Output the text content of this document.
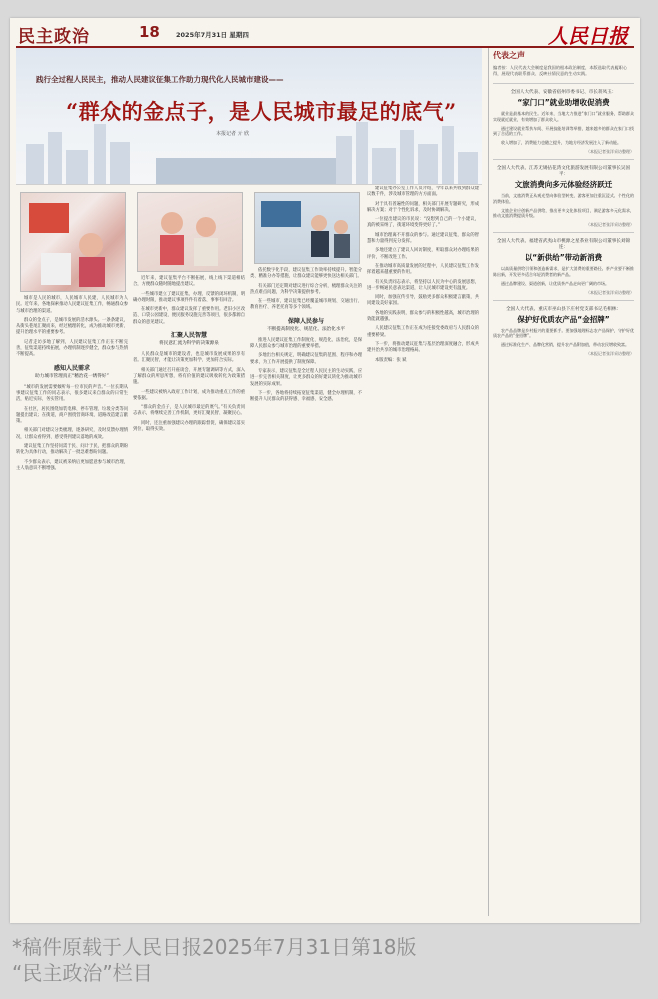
民主政治	18 2025年7月31日 星期四	人民日报
践行全过程人民民主，推动人民建议征集工作助力现代化人民城市建设——
“群众的金点子，是人民城市最足的底气”
本报记者 亓 欣

城市是人民的城市，人民城市人民建，人民城市为人民。近年来，各地探索推动人民建议征集工作，畅通群众参与城市治理的渠道。

群众的金点子，是城市发展的活水源头。一条条建议，从街头巷尾汇聚而来，经过梳理转化，成为推动城市更新、提升治理水平的重要参考。

记者走访多地了解到，人民建议征集工作正在不断完善，征集渠道持续拓展，办理机制逐步健全，群众参与热情不断提高。

感知人民需求
助力城市管理真正“精治花一绣得好”

“城市的发展需要倾听每一位市民的声音。”一位长期从事建议征集工作的同志表示，很多建议来自群众的日常生活，贴近实际、务实管用。

在社区，居民围绕加装电梯、停车管理、垃圾分类等问题提出建议；在街道，商户围绕营商环境、道路改造建言献策。

相关部门对建议分类梳理，逐条研究，及时反馈办理情况，让群众看得到、感受得到建议落地的成效。

建议征集工作坚持问需于民、问计于民，把群众的期盼转化为具体行动，推动解决了一批急难愁盼问题。

不少群众表示，建议被采纳后更加愿意参与城市治理，主人翁意识不断增强。

近年来，建议征集平台不断拓展，线上线下渠道相结合，方便群众随时随地提出建议。

一些城市建立了建议征集、办理、反馈的闭环机制，明确办理时限，推动建议事项件件有着落、事事有回音。

在城市更新中，群众建议发挥了重要作用。老旧小区改造、口袋公园建设、便民服务设施完善等项目，很多都源自群众的意见建议。

汇聚人民智慧
将民意汇流为科学的决策源泉

人民群众是城市的建设者，也是城市发展成果的享有者。汇聚民智，才能让决策更加科学、更加符合实际。

相关部门通过召开座谈会、开展专题调研等方式，深入了解群众的所思所想，将有价值的建议吸收转化为政策措施。

一些建议被纳入政府工作计划，成为推动重点工作的重要依据。

“群众的金点子，是人民城市最足的底气。”有关负责同志表示，将继续完善工作机制，更好汇聚民智、凝聚民心。

同时，还注重加强建议办理的跟踪督促，确保建议落实到位，取得实效。

依托数字化手段，建议征集工作效率持续提升。智能分类、精准分办等措施，让群众建议能够更快送达相关部门。

有关部门还定期对建议进行综合分析，梳理群众关注的热点难点问题，为科学决策提供参考。

在一些城市，建议征集已经覆盖城市规划、交通出行、教育医疗、养老托育等多个领域。

保障人民参与
不断提高制度化、规范化、法治化水平

推进人民建议征集工作制度化、规范化、法治化，是保障人民群众参与城市治理的重要举措。

多地出台相关规定，明确建议征集的范围、程序和办理要求，为工作开展提供了制度保障。

专家表示，建议征集是全过程人民民主的生动实践，应进一步完善相关制度，让更多群众的好建议转化为推动城市发展的实际成果。

下一步，各地将持续拓宽征集渠道，健全办理机制，不断提升人民群众的获得感、幸福感、安全感。

建议征集办公室工作人员介绍，今年以来共收到群众建议数千件，涉及城市管理的方方面面。

对于具有普遍性的问题，相关部门开展专题研究，形成解决方案；对于个性化诉求，及时协调解决。

一位提出建议的市民说：“没想到自己的一个小建议，真的被采纳了，街道环境变得更好了。”

城市治理离不开群众的参与。通过建议征集，群众的智慧和力量得到充分发挥。

多地还建立了建议人回访制度，听取群众对办理结果的评价，不断改进工作。

在推动城市高质量发展的过程中，人民建议征集工作发挥着越来越重要的作用。

有关负责同志表示，将坚持以人民为中心的发展思想，进一步畅通民意表达渠道，让人民城市建设更有温度。

同时，加强宣传引导，鼓励更多群众积极建言献策，共同建设美好家园。

各地的实践表明，群众参与的积极性越高，城市治理的效能就越强。

人民建议征集工作正在成为连接党委政府与人民群众的重要桥梁。

下一步，将推动建议征集与基层治理深度融合，形成共建共治共享的城市治理格局。

本版责编：张 斌

代表之声
编者按：人民代表大会制度是我国的根本政治制度，本版选取代表履职心得，展现代表联系群众、反映社情民意的生动实践。
全国人大代表、安徽省宿州市委书记、市长蒋凤玉：
“家门口”就业助增收促消费

就业是最基本的民生。近年来，当地大力推进“家门口”就业服务，帮助群众实现就近就业，有效增加了群众收入。

通过建设就业帮扶车间、开展技能培训等举措，越来越多的群众在家门口找到了合适的工作。

收入增加了，消费能力也随之提升，为地方经济发展注入了新动能。

（本报记者张洋采访整理）
全国人大代表、江苏无锡拈花湾文化旅游发展有限公司董事长吴国平：
文旅消费向多元体验经济跃迁

当前，文旅消费正从观光型向体验型转变，游客更加注重沉浸式、个性化的消费体验。

文旅企业应创新产品供给，推出更多文化体验项目，满足游客多元化需求，推动文旅消费提质升级。

（本报记者张洋采访整理）
全国人大代表、福建省武夷山市桃源之星茶业有限公司董事长刘锦连：
以“新供给”带动新消费

以高质量供给引领和创造新需求，是扩大消费的重要路径。茶产业要不断推陈出新，开发更多适合年轻消费者的新产品。

通过品牌建设、渠道创新，让优质茶产品走向更广阔的市场。

（本报记者张洋采访整理）
全国人大代表、重庆市巫山县下庄村党支部书记毛相林：
保护好优质农产品“金招牌”

农产品品牌是乡村振兴的重要抓手。要加强地理标志农产品保护，守护好优质农产品的“金招牌”。

通过标准化生产、品牌化营销，提升农产品附加值，带动农民增收致富。

（本报记者张洋采访整理）
*稿件原载于人民日报2025年7月31日第18版
“民主政治”栏目
